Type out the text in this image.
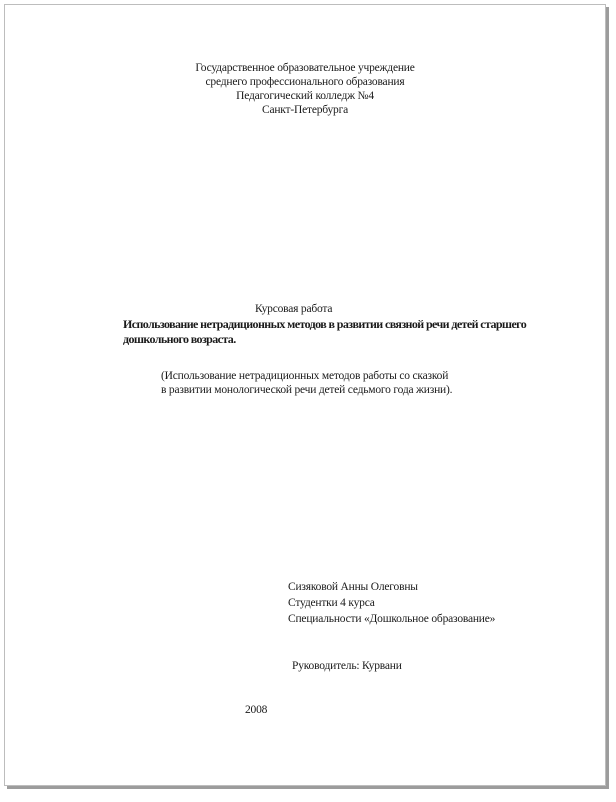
Государственное образовательное учреждение
среднего профессионального образования
Педагогический колледж №4
Санкт-Петербурга
Курсовая работа
Использование нетрадиционных методов в развитии связной речи детей старшего дошкольного возраста.
(Использование нетрадиционных методов работы со сказкой
в развитии монологической речи детей седьмого года жизни).
Сизяковой Анны Олеговны
Студентки 4 курса
Специальности «Дошкольное образование»
Руководитель: Курвани
2008
